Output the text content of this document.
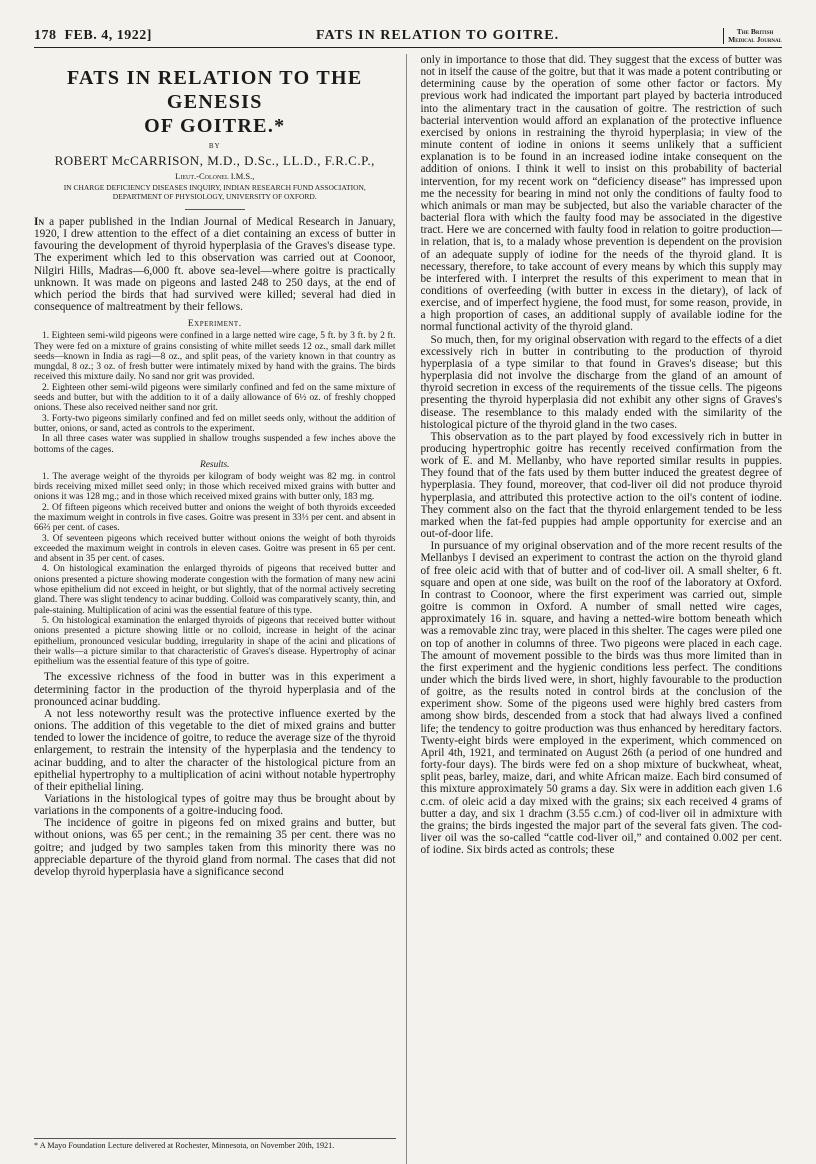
178 FEB. 4, 1922]	FATS IN RELATION TO GOITRE.	The British
Medical Journal
FATS IN RELATION TO THE GENESIS
OF GOITRE.*
BY
ROBERT McCARRISON, M.D., D.Sc., LL.D., F.R.C.P.,
Lieut.-Colonel I.M.S.,
IN CHARGE DEFICIENCY DISEASES INQUIRY, INDIAN RESEARCH FUND ASSOCIATION, DEPARTMENT OF PHYSIOLOGY, UNIVERSITY OF OXFORD.

In a paper published in the Indian Journal of Medical Research in January, 1920, I drew attention to the effect of a diet containing an excess of butter in favouring the development of thyroid hyperplasia of the Graves's disease type. The experiment which led to this observation was carried out at Coonoor, Nilgiri Hills, Madras—6,000 ft. above sea-level—where goitre is practically unknown. It was made on pigeons and lasted 248 to 250 days, at the end of which period the birds that had survived were killed; several had died in consequence of maltreatment by their fellows.

Experiment.

1. Eighteen semi-wild pigeons were confined in a large netted wire cage, 5 ft. by 3 ft. by 2 ft. They were fed on a mixture of grains consisting of white millet seeds 12 oz., small dark millet seeds—known in India as ragi—8 oz., and split peas, of the variety known in that country as mungdal, 8 oz.; 3 oz. of fresh butter were intimately mixed by hand with the grains. The birds received this mixture daily. No sand nor grit was provided.

2. Eighteen other semi-wild pigeons were similarly confined and fed on the same mixture of seeds and butter, but with the addition to it of a daily allowance of 6½ oz. of freshly chopped onions. These also received neither sand nor grit.

3. Forty-two pigeons similarly confined and fed on millet seeds only, without the addition of butter, onions, or sand, acted as controls to the experiment.

In all three cases water was supplied in shallow troughs suspended a few inches above the bottoms of the cages.

Results.

1. The average weight of the thyroids per kilogram of body weight was 82 mg. in control birds receiving mixed millet seed only; in those which received mixed grains with butter and onions it was 128 mg.; and in those which received mixed grains with butter only, 183 mg.

2. Of fifteen pigeons which received butter and onions the weight of both thyroids exceeded the maximum weight in controls in five cases. Goitre was present in 33⅓ per cent. and absent in 66⅔ per cent. of cases.

3. Of seventeen pigeons which received butter without onions the weight of both thyroids exceeded the maximum weight in controls in eleven cases. Goitre was present in 65 per cent. and absent in 35 per cent. of cases.

4. On histological examination the enlarged thyroids of pigeons that received butter and onions presented a picture showing moderate congestion with the formation of many new acini whose epithelium did not exceed in height, or but slightly, that of the normal actively secreting gland. There was slight tendency to acinar budding. Colloid was comparatively scanty, thin, and pale-staining. Multiplication of acini was the essential feature of this type.

5. On histological examination the enlarged thyroids of pigeons that received butter without onions presented a picture showing little or no colloid, increase in height of the acinar epithelium, pronounced vesicular budding, irregularity in shape of the acini and plications of their walls—a picture similar to that characteristic of Graves's disease. Hypertrophy of acinar epithelium was the essential feature of this type of goitre.

The excessive richness of the food in butter was in this experiment a determining factor in the production of the thyroid hyperplasia and of the pronounced acinar budding.

A not less noteworthy result was the protective influence exerted by the onions. The addition of this vegetable to the diet of mixed grains and butter tended to lower the incidence of goitre, to reduce the average size of the thyroid enlargement, to restrain the intensity of the hyperplasia and the tendency to acinar budding, and to alter the character of the histological picture from an epithelial hypertrophy to a multiplication of acini without notable hypertrophy of their epithelial lining.

Variations in the histological types of goitre may thus be brought about by variations in the components of a goitre-inducing food.

The incidence of goitre in pigeons fed on mixed grains and butter, but without onions, was 65 per cent.; in the remaining 35 per cent. there was no goitre; and judged by two samples taken from this minority there was no appreciable departure of the thyroid gland from normal. The cases that did not develop thyroid hyperplasia have a significance second

* A Mayo Foundation Lecture delivered at Rochester, Minnesota, on November 20th, 1921.

only in importance to those that did. They suggest that the excess of butter was not in itself the cause of the goitre, but that it was made a potent contributing or determining cause by the operation of some other factor or factors. My previous work had indicated the important part played by bacteria introduced into the alimentary tract in the causation of goitre. The restriction of such bacterial intervention would afford an explanation of the protective influence exercised by onions in restraining the thyroid hyperplasia; in view of the minute content of iodine in onions it seems unlikely that a sufficient explanation is to be found in an increased iodine intake consequent on the addition of onions. I think it well to insist on this probability of bacterial intervention, for my recent work on “deficiency disease” has impressed upon me the necessity for bearing in mind not only the conditions of faulty food to which animals or man may be subjected, but also the variable character of the bacterial flora with which the faulty food may be associated in the digestive tract. Here we are concerned with faulty food in relation to goitre production—in relation, that is, to a malady whose prevention is dependent on the provision of an adequate supply of iodine for the needs of the thyroid gland. It is necessary, therefore, to take account of every means by which this supply may be interfered with. I interpret the results of this experiment to mean that in conditions of overfeeding (with butter in excess in the dietary), of lack of exercise, and of imperfect hygiene, the food must, for some reason, provide, in a high proportion of cases, an additional supply of available iodine for the normal functional activity of the thyroid gland.

So much, then, for my original observation with regard to the effects of a diet excessively rich in butter in contributing to the production of thyroid hyperplasia of a type similar to that found in Graves's disease; but this hyperplasia did not involve the discharge from the gland of an amount of thyroid secretion in excess of the requirements of the tissue cells. The pigeons presenting the thyroid hyperplasia did not exhibit any other signs of Graves's disease. The resemblance to this malady ended with the similarity of the histological picture of the thyroid gland in the two cases.

This observation as to the part played by food excessively rich in butter in producing hypertrophic goitre has recently received confirmation from the work of E. and M. Mellanby, who have reported similar results in puppies. They found that of the fats used by them butter induced the greatest degree of hyperplasia. They found, moreover, that cod-liver oil did not produce thyroid hyperplasia, and attributed this protective action to the oil's content of iodine. They comment also on the fact that the thyroid enlargement tended to be less marked when the fat-fed puppies had ample opportunity for exercise and an out-of-door life.

In pursuance of my original observation and of the more recent results of the Mellanbys I devised an experiment to contrast the action on the thyroid gland of free oleic acid with that of butter and of cod-liver oil. A small shelter, 6 ft. square and open at one side, was built on the roof of the laboratory at Oxford. In contrast to Coonoor, where the first experiment was carried out, simple goitre is common in Oxford. A number of small netted wire cages, approximately 16 in. square, and having a netted-wire bottom beneath which was a removable zinc tray, were placed in this shelter. The cages were piled one on top of another in columns of three. Two pigeons were placed in each cage. The amount of movement possible to the birds was thus more limited than in the first experiment and the hygienic conditions less perfect. The conditions under which the birds lived were, in short, highly favourable to the production of goitre, as the results noted in control birds at the conclusion of the experiment show. Some of the pigeons used were highly bred casters from among show birds, descended from a stock that had always lived a confined life; the tendency to goitre production was thus enhanced by hereditary factors. Twenty-eight birds were employed in the experiment, which commenced on April 4th, 1921, and terminated on August 26th (a period of one hundred and forty-four days). The birds were fed on a shop mixture of buckwheat, wheat, split peas, barley, maize, dari, and white African maize. Each bird consumed of this mixture approximately 50 grams a day. Six were in addition each given 1.6 c.cm. of oleic acid a day mixed with the grains; six each received 4 grams of butter a day, and six 1 drachm (3.55 c.cm.) of cod-liver oil in admixture with the grains; the birds ingested the major part of the several fats given. The cod-liver oil was the so-called “cattle cod-liver oil,” and contained 0.002 per cent. of iodine. Six birds acted as controls; these
